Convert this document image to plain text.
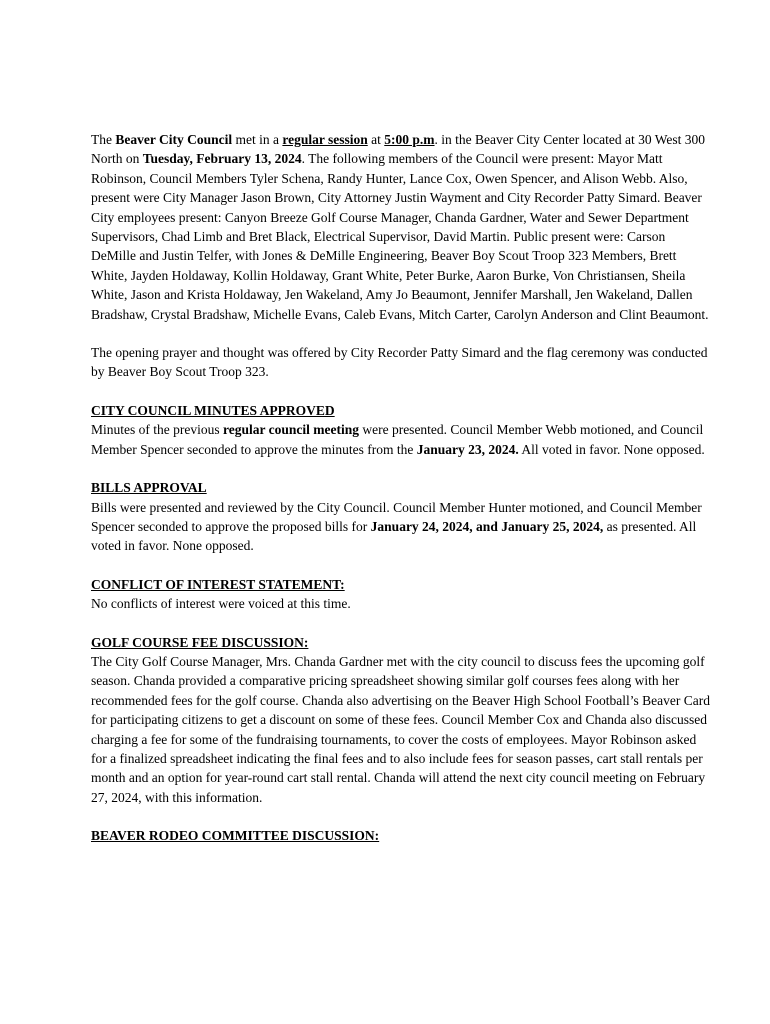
The Beaver City Council met in a regular session at 5:00 p.m. in the Beaver City Center located at 30 West 300 North on Tuesday, February 13, 2024. The following members of the Council were present: Mayor Matt Robinson, Council Members Tyler Schena, Randy Hunter, Lance Cox, Owen Spencer, and Alison Webb. Also, present were City Manager Jason Brown, City Attorney Justin Wayment and City Recorder Patty Simard. Beaver City employees present: Canyon Breeze Golf Course Manager, Chanda Gardner, Water and Sewer Department Supervisors, Chad Limb and Bret Black, Electrical Supervisor, David Martin. Public present were: Carson DeMille and Justin Telfer, with Jones & DeMille Engineering, Beaver Boy Scout Troop 323 Members, Brett White, Jayden Holdaway, Kollin Holdaway, Grant White, Peter Burke, Aaron Burke, Von Christiansen, Sheila White, Jason and Krista Holdaway, Jen Wakeland, Amy Jo Beaumont, Jennifer Marshall, Jen Wakeland, Dallen Bradshaw, Crystal Bradshaw, Michelle Evans, Caleb Evans, Mitch Carter, Carolyn Anderson and Clint Beaumont.

The opening prayer and thought was offered by City Recorder Patty Simard and the flag ceremony was conducted by Beaver Boy Scout Troop 323.

CITY COUNCIL MINUTES APPROVED

Minutes of the previous regular council meeting were presented. Council Member Webb motioned, and Council Member Spencer seconded to approve the minutes from the January 23, 2024. All voted in favor. None opposed.

BILLS APPROVAL

Bills were presented and reviewed by the City Council. Council Member Hunter motioned, and Council Member Spencer seconded to approve the proposed bills for January 24, 2024, and January 25, 2024, as presented. All voted in favor. None opposed.

CONFLICT OF INTEREST STATEMENT:

No conflicts of interest were voiced at this time.

GOLF COURSE FEE DISCUSSION:

The City Golf Course Manager, Mrs. Chanda Gardner met with the city council to discuss fees the upcoming golf season. Chanda provided a comparative pricing spreadsheet showing similar golf courses fees along with her recommended fees for the golf course. Chanda also advertising on the Beaver High School Football’s Beaver Card for participating citizens to get a discount on some of these fees. Council Member Cox and Chanda also discussed charging a fee for some of the fundraising tournaments, to cover the costs of employees. Mayor Robinson asked for a finalized spreadsheet indicating the final fees and to also include fees for season passes, cart stall rentals per month and an option for year-round cart stall rental. Chanda will attend the next city council meeting on February 27, 2024, with this information.

BEAVER RODEO COMMITTEE DISCUSSION:
